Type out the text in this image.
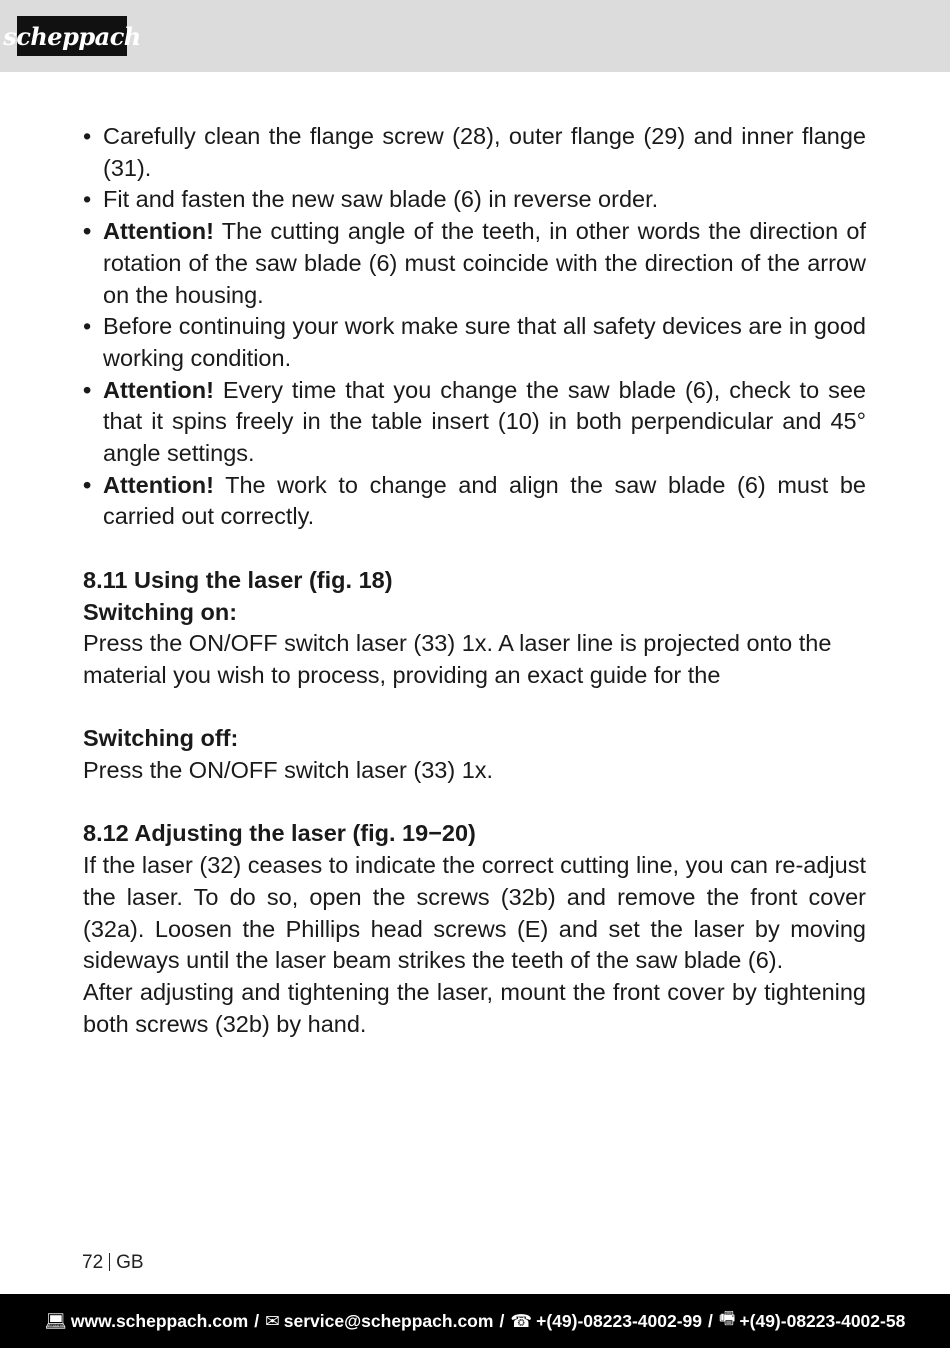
scheppach
• Carefully clean the flange screw (28), outer flange (29) and inner flange (31).
• Fit and fasten the new saw blade (6) in reverse order.
• Attention! The cutting angle of the teeth, in other words the direction of rotation of the saw blade (6) must coincide with the direction of the arrow on the housing.
• Before continuing your work make sure that all safety devices are in good working condition.
• Attention! Every time that you change the saw blade (6), check to see that it spins freely in the table insert (10) in both perpendicular and 45° angle settings.
• Attention! The work to change and align the saw blade (6) must be carried out correctly.
8.11 Using the laser (fig. 18)
Switching on:

Press the ON/OFF switch laser (33) 1x. A laser line is projected onto the material you wish to process, providing an exact guide for the

Switching off:

Press the ON/OFF switch laser (33) 1x.

8.12 Adjusting the laser (fig. 19−20)

If the laser (32) ceases to indicate the correct cutting line, you can re-adjust the laser. To do so, open the screws (32b) and remove the front cover (32a). Loosen the Phillips head screws (E) and set the laser by moving sideways until the laser beam strikes the teeth of the saw blade (6).

After adjusting and tightening the laser, mount the front cover by tightening both screws (32b) by hand.

72 GB
💻︎ www.scheppach.com / ✉︎ service@scheppach.com / ☎︎ +(49)-08223-4002-99 / 🖷︎ +(49)-08223-4002-58
